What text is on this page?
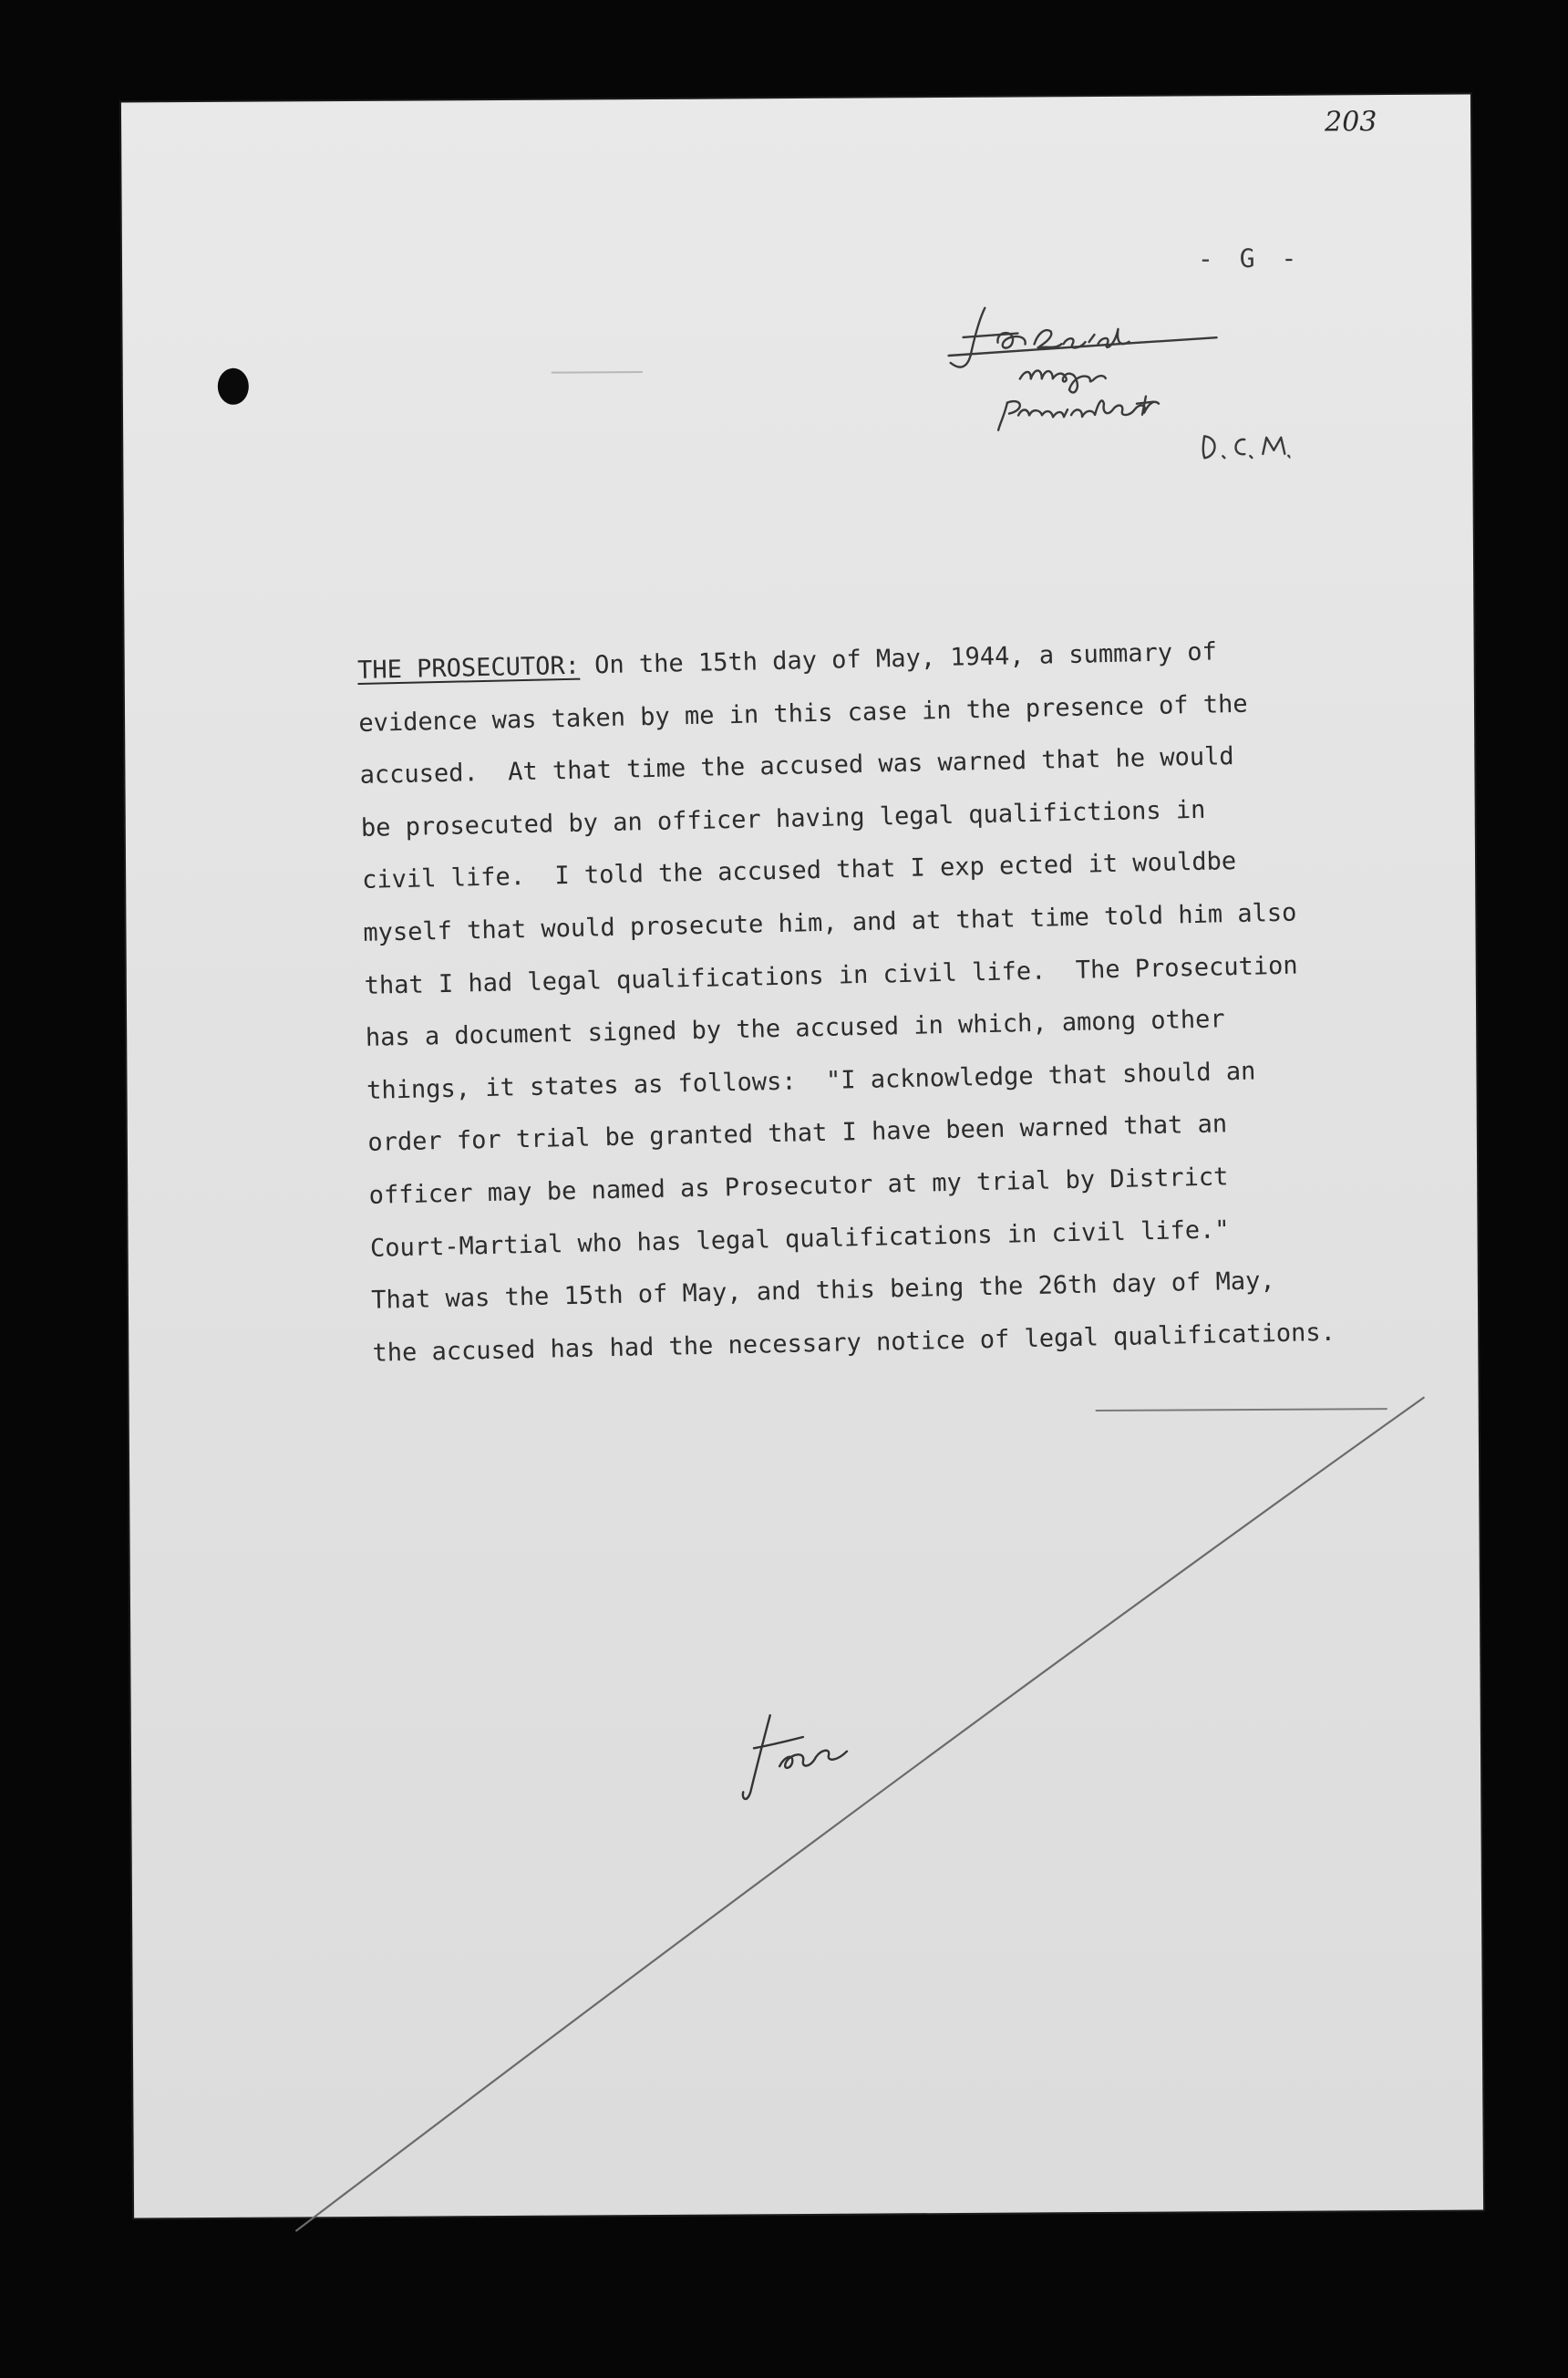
203
- G -
THE PROSECUTOR: On the 15th day of May, 1944, a summary of
evidence was taken by me in this case in the presence of the
accused.  At that time the accused was warned that he would
be prosecuted by an officer having legal qualifictions in
civil life.  I told the accused that I exp ected it wouldbe
myself that would prosecute him, and at that time told him also
that I had legal qualifications in civil life.  The Prosecution
has a document signed by the accused in which, among other
things, it states as follows:  "I acknowledge that should an
order for trial be granted that I have been warned that an
officer may be named as Prosecutor at my trial by District
Court-Martial who has legal qualifications in civil life."
That was the 15th of May, and this being the 26th day of May,
the accused has had the necessary notice of legal qualifications.
